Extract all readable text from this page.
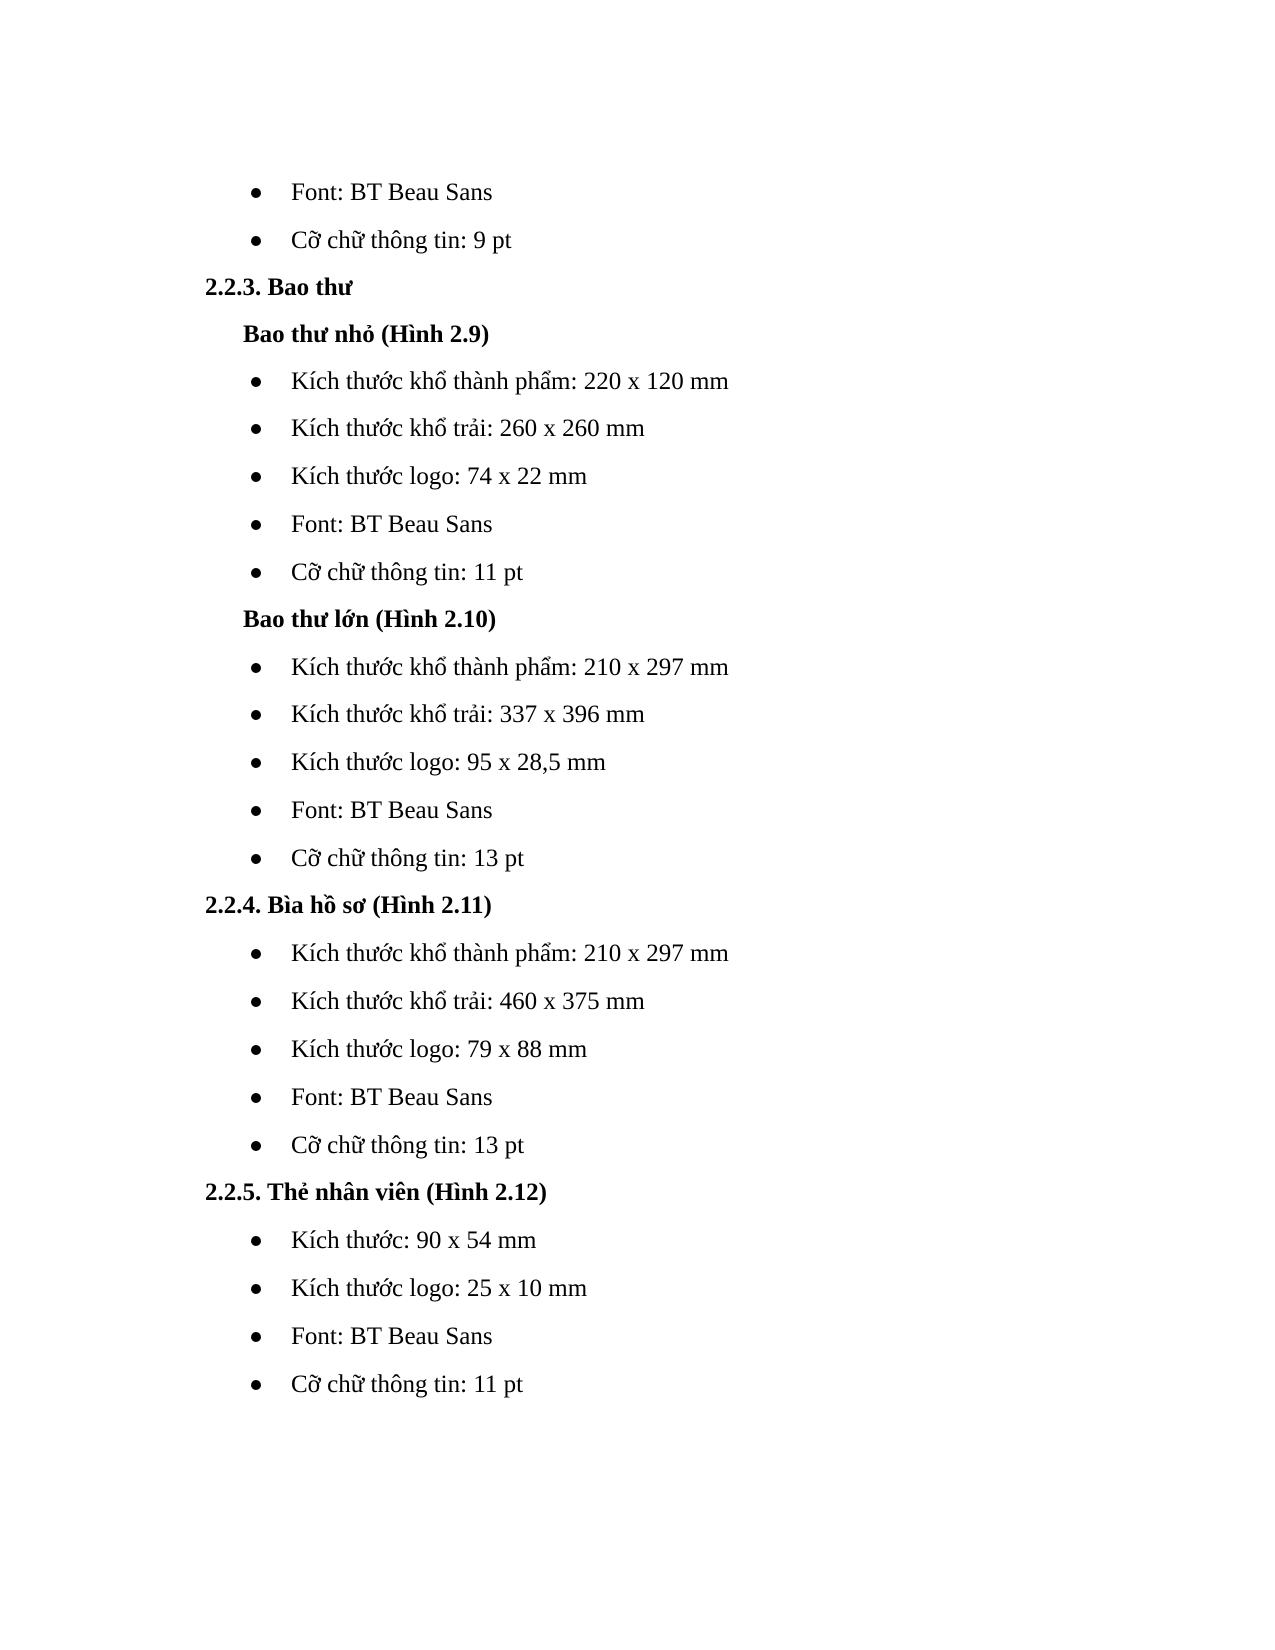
Font: BT Beau Sans
Cỡ chữ thông tin: 9 pt
2.2.3. Bao thư
Bao thư nhỏ (Hình 2.9)
Kích thước khổ thành phẩm: 220 x 120 mm
Kích thước khổ trải: 260 x 260 mm
Kích thước logo: 74 x 22 mm
Font: BT Beau Sans
Cỡ chữ thông tin: 11 pt
Bao thư lớn (Hình 2.10)
Kích thước khổ thành phẩm: 210 x 297 mm
Kích thước khổ trải: 337 x 396 mm
Kích thước logo: 95 x 28,5 mm
Font: BT Beau Sans
Cỡ chữ thông tin: 13 pt
2.2.4. Bìa hồ sơ (Hình 2.11)
Kích thước khổ thành phẩm: 210 x 297 mm
Kích thước khổ trải: 460 x 375 mm
Kích thước logo: 79 x 88 mm
Font: BT Beau Sans
Cỡ chữ thông tin: 13 pt
2.2.5. Thẻ nhân viên (Hình 2.12)
Kích thước: 90 x 54 mm
Kích thước logo: 25 x 10 mm
Font: BT Beau Sans
Cỡ chữ thông tin: 11 pt
